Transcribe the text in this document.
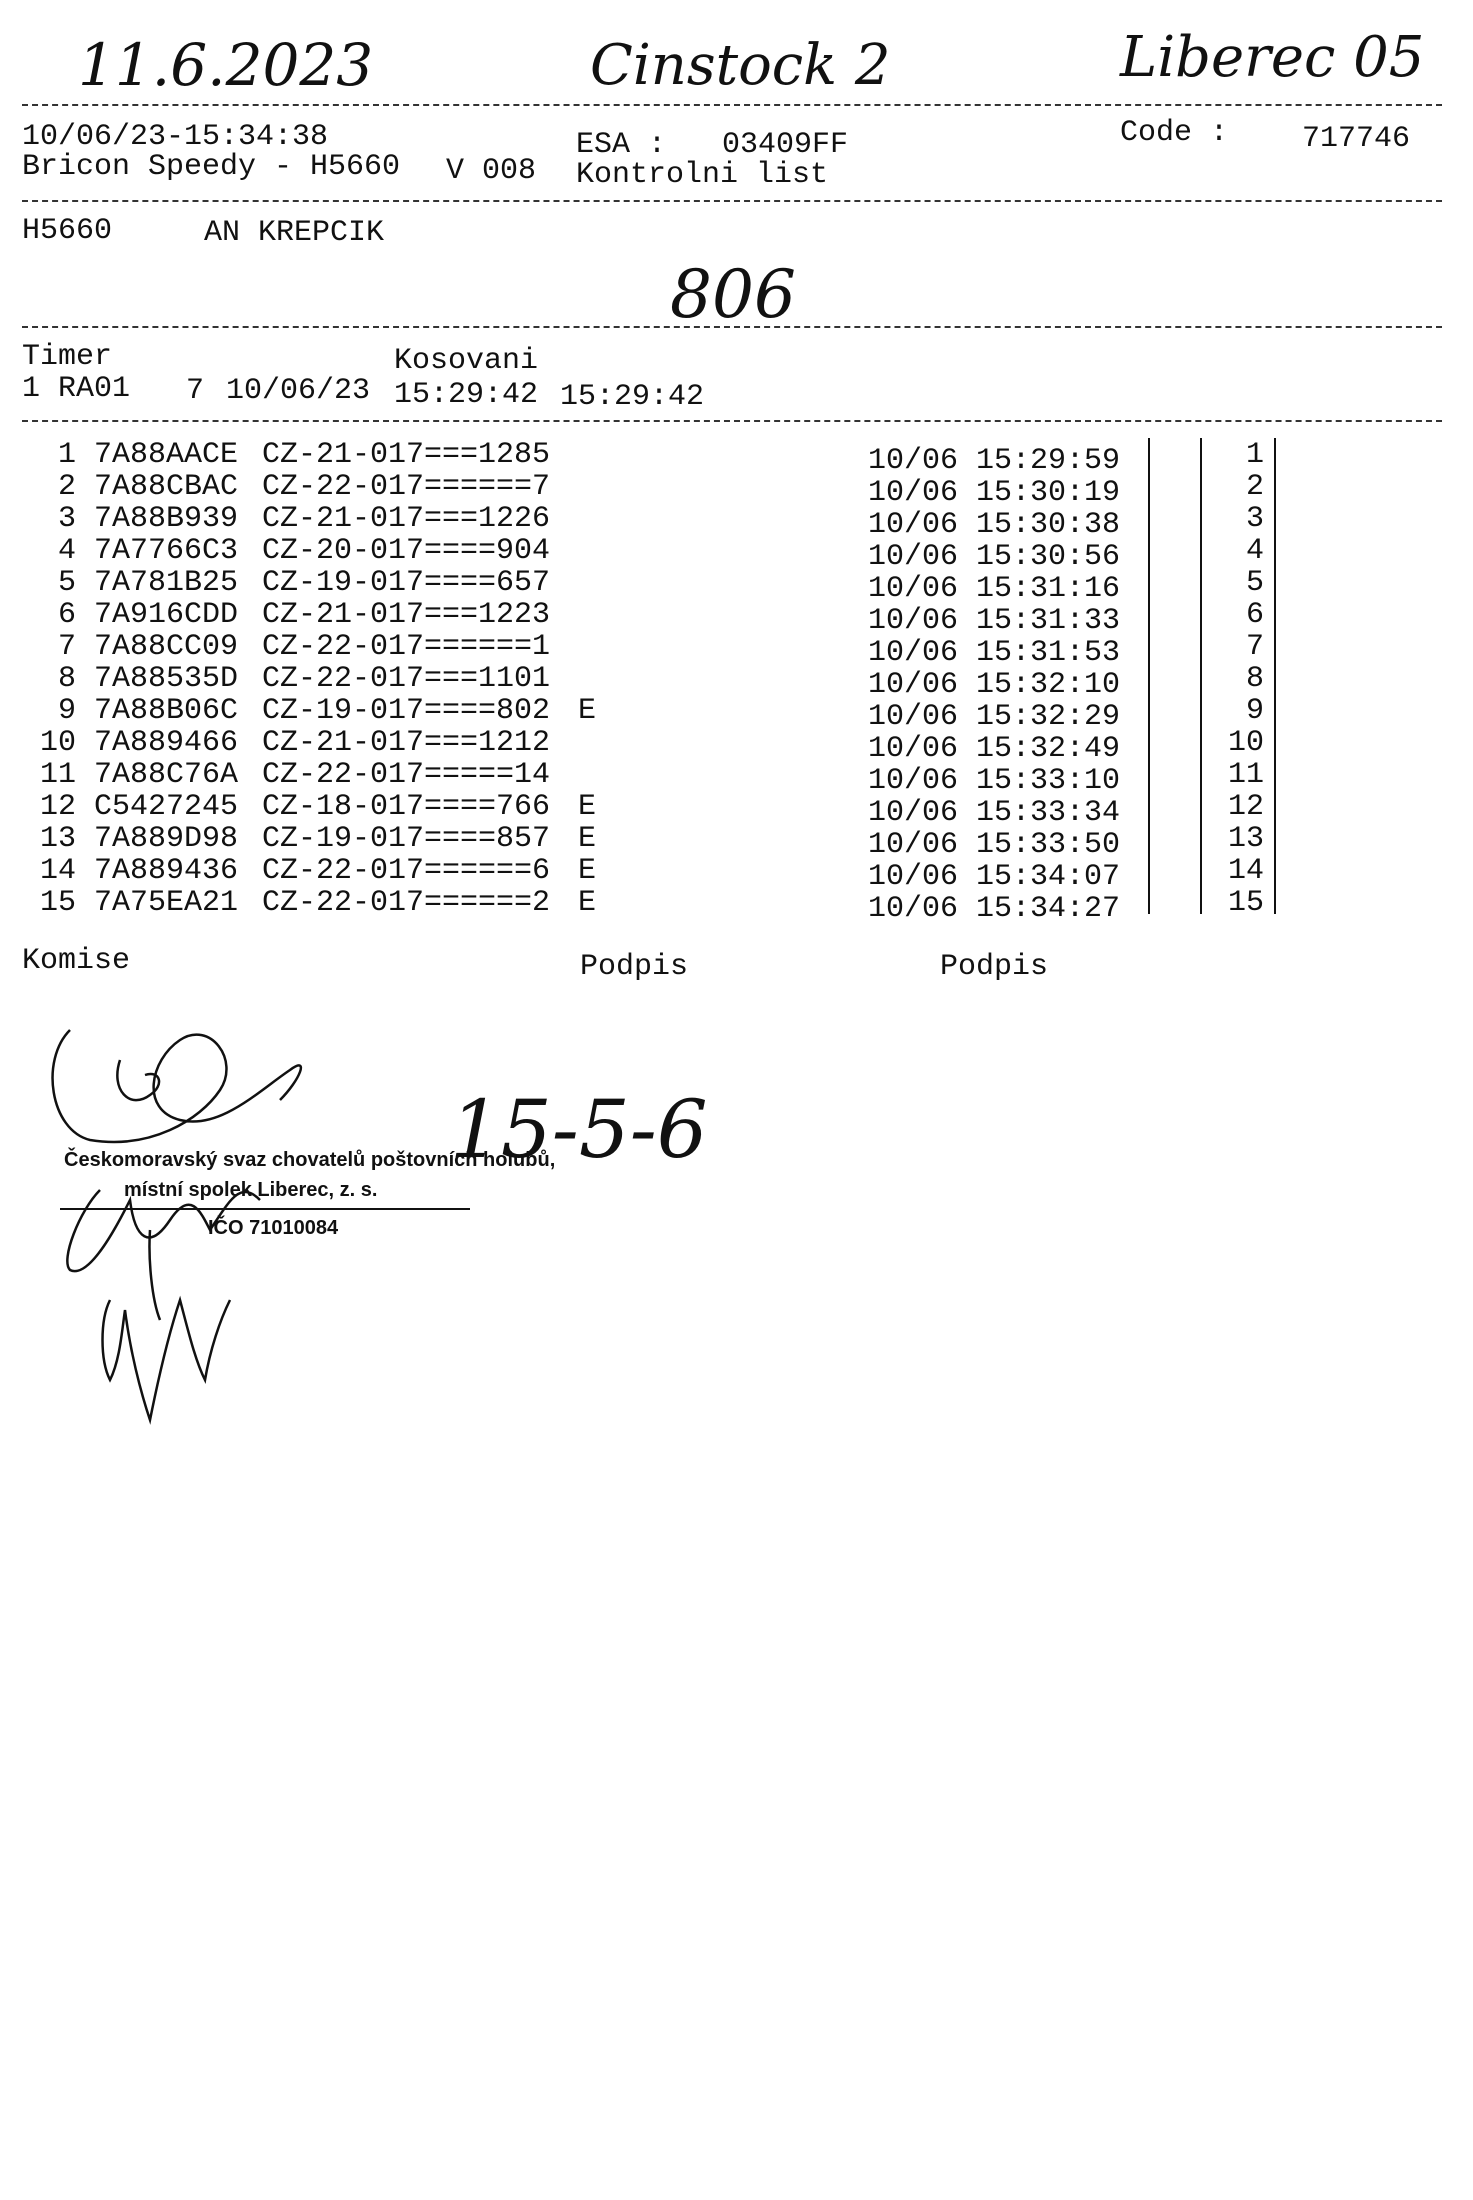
11.6.2023	Cinstock 2	Liberec 05
10/06/23-15:34:38
Bricon Speedy - H5660 V 008
ESA : 03409FF
Kontrolni list
Code : 717746
H5660	AN KREPCIK
806
Timer	Kosovani
1 RA01 7 10/06/23 15:29:42 15:29:42
1 7A88AACE CZ-21-017===1285	10/06 15:29:59	1
2 7A88CBAC CZ-22-017======7	10/06 15:30:19	2
3 7A88B939 CZ-21-017===1226	10/06 15:30:38	3
4 7A7766C3 CZ-20-017====904	10/06 15:30:56	4
5 7A781B25 CZ-19-017====657	10/06 15:31:16	5
6 7A916CDD CZ-21-017===1223	10/06 15:31:33	6
7 7A88CC09 CZ-22-017======1	10/06 15:31:53	7
8 7A88535D CZ-22-017===1101	10/06 15:32:10	8
9 7A88B06C CZ-19-017====802 E	10/06 15:32:29	9
10 7A889466 CZ-21-017===1212	10/06 15:32:49	10
11 7A88C76A CZ-22-017=====14	10/06 15:33:10	11
12 C5427245 CZ-18-017====766 E	10/06 15:33:34	12
13 7A889D98 CZ-19-017====857 E	10/06 15:33:50	13
14 7A889436 CZ-22-017======6 E	10/06 15:34:07	14
15 7A75EA21 CZ-22-017======2 E	10/06 15:34:27	15
Komise	Podpis	Podpis
Českomoravský svaz chovatelů poštovních holubů,
místní spolek Liberec, z. s.
IČO 71010084
15-5-6
